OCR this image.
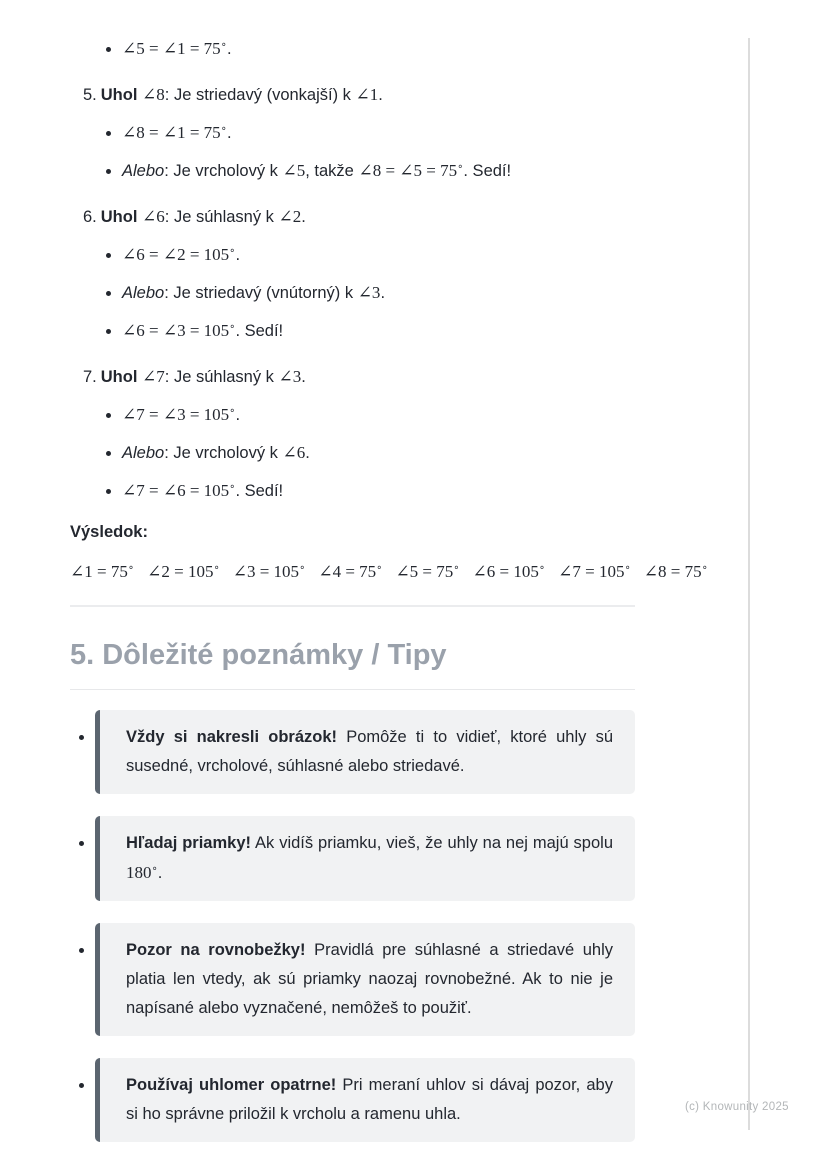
• ∠5 = ∠1 = 75∘.
5. Uhol ∠8: Je striedavý (vonkajší) k ∠1.
• ∠8 = ∠1 = 75∘.
• Alebo: Je vrcholový k ∠5, takže ∠8 = ∠5 = 75∘. Sedí!
6. Uhol ∠6: Je súhlasný k ∠2.
• ∠6 = ∠2 = 105∘.
• Alebo: Je striedavý (vnútorný) k ∠3.
• ∠6 = ∠3 = 105∘. Sedí!
7. Uhol ∠7: Je súhlasný k ∠3.
• ∠7 = ∠3 = 105∘.
• Alebo: Je vrcholový k ∠6.
• ∠7 = ∠6 = 105∘. Sedí!
Výsledok:
∠1 = 75∘ ∠2 = 105∘ ∠3 = 105∘ ∠4 = 75∘ ∠5 = 75∘ ∠6 = 105∘ ∠7 = 105∘ ∠8 = 75∘
5. Dôležité poznámky / Tipy
• Vždy si nakresli obrázok! Pomôže ti to vidieť, ktoré uhly sú susedné, vrcholové, súhlasné alebo striedavé.
• Hľadaj priamky! Ak vidíš priamku, vieš, že uhly na nej majú spolu 180∘.
• Pozor na rovnobežky! Pravidlá pre súhlasné a striedavé uhly platia len vtedy, ak sú priamky naozaj rovnobežné. Ak to nie je napísané alebo vyznačené, nemôžeš to použiť.
• Používaj uhlomer opatrne! Pri meraní uhlov si dávaj pozor, aby si ho správne priložil k vrcholu a ramenu uhla.	(c) Knowunity 2025
